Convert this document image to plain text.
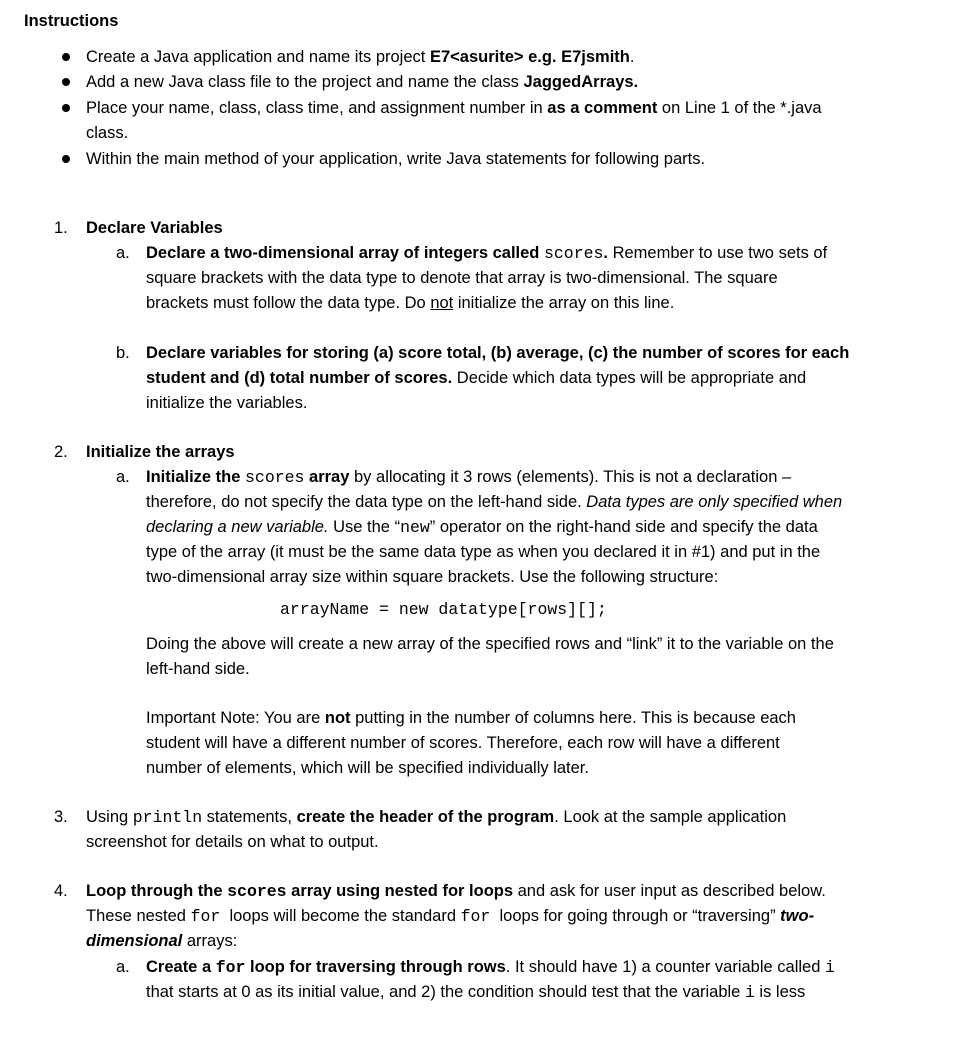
Instructions
Create a Java application and name its project E7<asurite> e.g. E7jsmith.
Add a new Java class file to the project and name the class JaggedArrays.
Place your name, class, class time, and assignment number in as a comment on Line 1 of the *.java
class.
Within the main method of your application, write Java statements for following parts.
1. Declare Variables
a. Declare a two-dimensional array of integers called scores. Remember to use two sets of
square brackets with the data type to denote that array is two-dimensional. The square
brackets must follow the data type. Do not initialize the array on this line.
b. Declare variables for storing (a) score total, (b) average, (c) the number of scores for each
student and (d) total number of scores. Decide which data types will be appropriate and
initialize the variables.
2. Initialize the arrays
a. Initialize the scores array by allocating it 3 rows (elements). This is not a declaration –
therefore, do not specify the data type on the left-hand side. Data types are only specified when
declaring a new variable. Use the “new” operator on the right-hand side and specify the data
type of the array (it must be the same data type as when you declared it in #1) and put in the
two-dimensional array size within square brackets. Use the following structure:
arrayName = new datatype[rows][];
Doing the above will create a new array of the specified rows and “link” it to the variable on the
left-hand side.
Important Note: You are not putting in the number of columns here. This is because each
student will have a different number of scores. Therefore, each row will have a different
number of elements, which will be specified individually later.
3. Using println statements, create the header of the program. Look at the sample application
screenshot for details on what to output.
4. Loop through the scores array using nested for loops and ask for user input as described below.
These nested for  loops will become the standard for  loops for going through or “traversing” two-
dimensional arrays:
a. Create a for loop for traversing through rows. It should have 1) a counter variable called i
that starts at 0 as its initial value, and 2) the condition should test that the variable i is less
